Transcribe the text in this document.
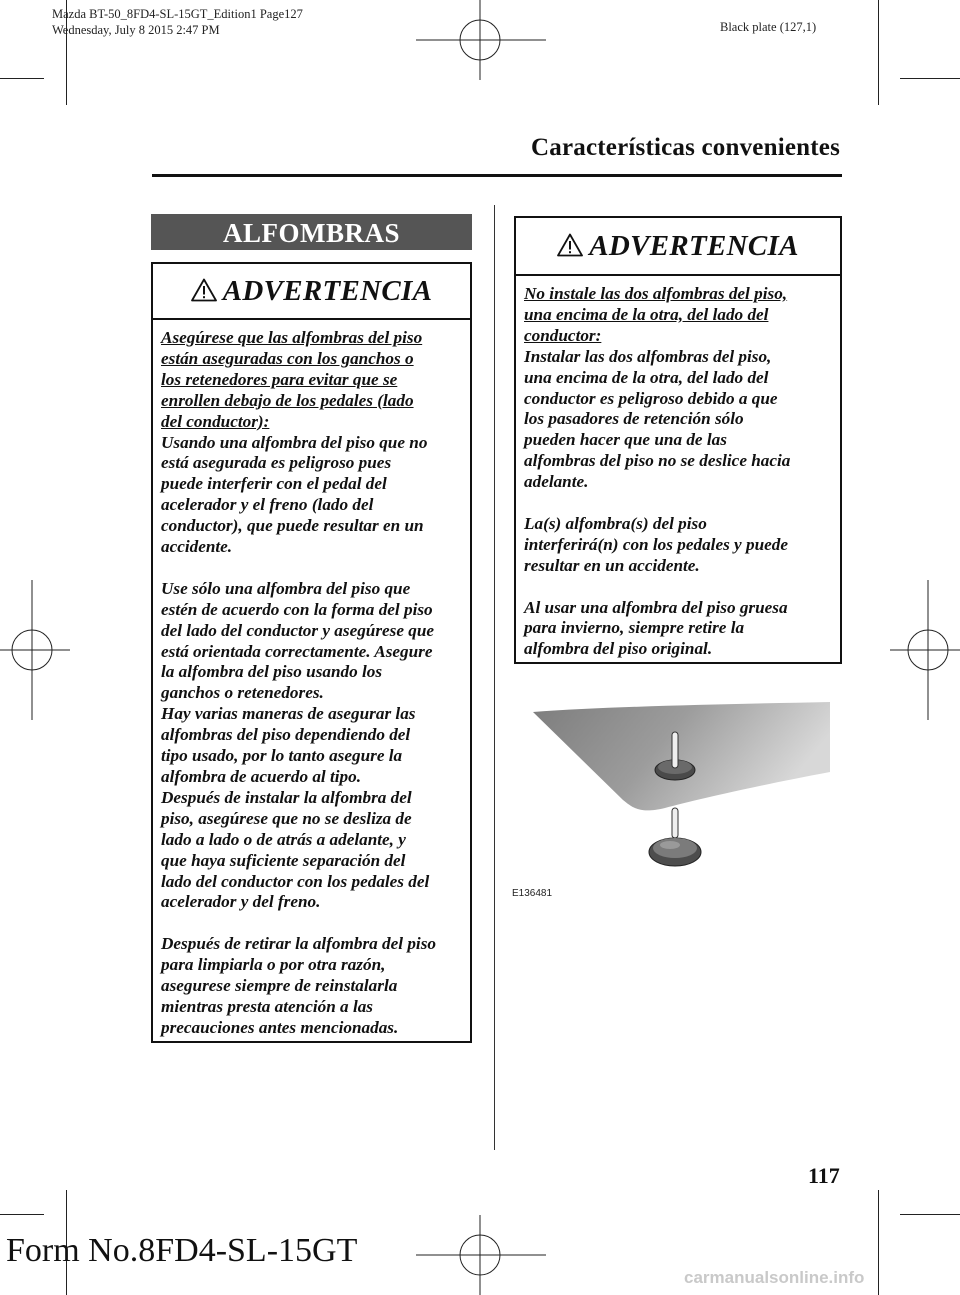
Mazda BT-50_8FD4-SL-15GT_Edition1 Page127
Wednesday, July 8 2015 2:47 PM	Black plate (127,1)
Características convenientes
ALFOMBRAS
ADVERTENCIA

Asegúrese que las alfombras del piso

están aseguradas con los ganchos o

los retenedores para evitar que se

enrollen debajo de los pedales (lado

del conductor):

Usando una alfombra del piso que no

está asegurada es peligroso pues

puede interferir con el pedal del

acelerador y el freno (lado del

conductor), que puede resultar en un

accidente.

Use sólo una alfombra del piso que

estén de acuerdo con la forma del piso

del lado del conductor y asegúrese que

está orientada correctamente. Asegure

la alfombra del piso usando los

ganchos o retenedores.

Hay varias maneras de asegurar las

alfombras del piso dependiendo del

tipo usado, por lo tanto asegure la

alfombra de acuerdo al tipo.

Después de instalar la alfombra del

piso, asegúrese que no se desliza de

lado a lado o de atrás a adelante, y

que haya suficiente separación del

lado del conductor con los pedales del

acelerador y del freno.

Después de retirar la alfombra del piso

para limpiarla o por otra razón,

asegurese siempre de reinstalarla

mientras presta atención a las

precauciones antes mencionadas.

ADVERTENCIA

No instale las dos alfombras del piso,

una encima de la otra, del lado del

conductor:

Instalar las dos alfombras del piso,

una encima de la otra, del lado del

conductor es peligroso debido a que

los pasadores de retención sólo

pueden hacer que una de las

alfombras del piso no se deslice hacia

adelante.

La(s) alfombra(s) del piso

interferirá(n) con los pedales y puede

resultar en un accidente.

Al usar una alfombra del piso gruesa

para invierno, siempre retire la

alfombra del piso original.

E136481
117
Form No.8FD4-SL-15GT
carmanualsonline.info
